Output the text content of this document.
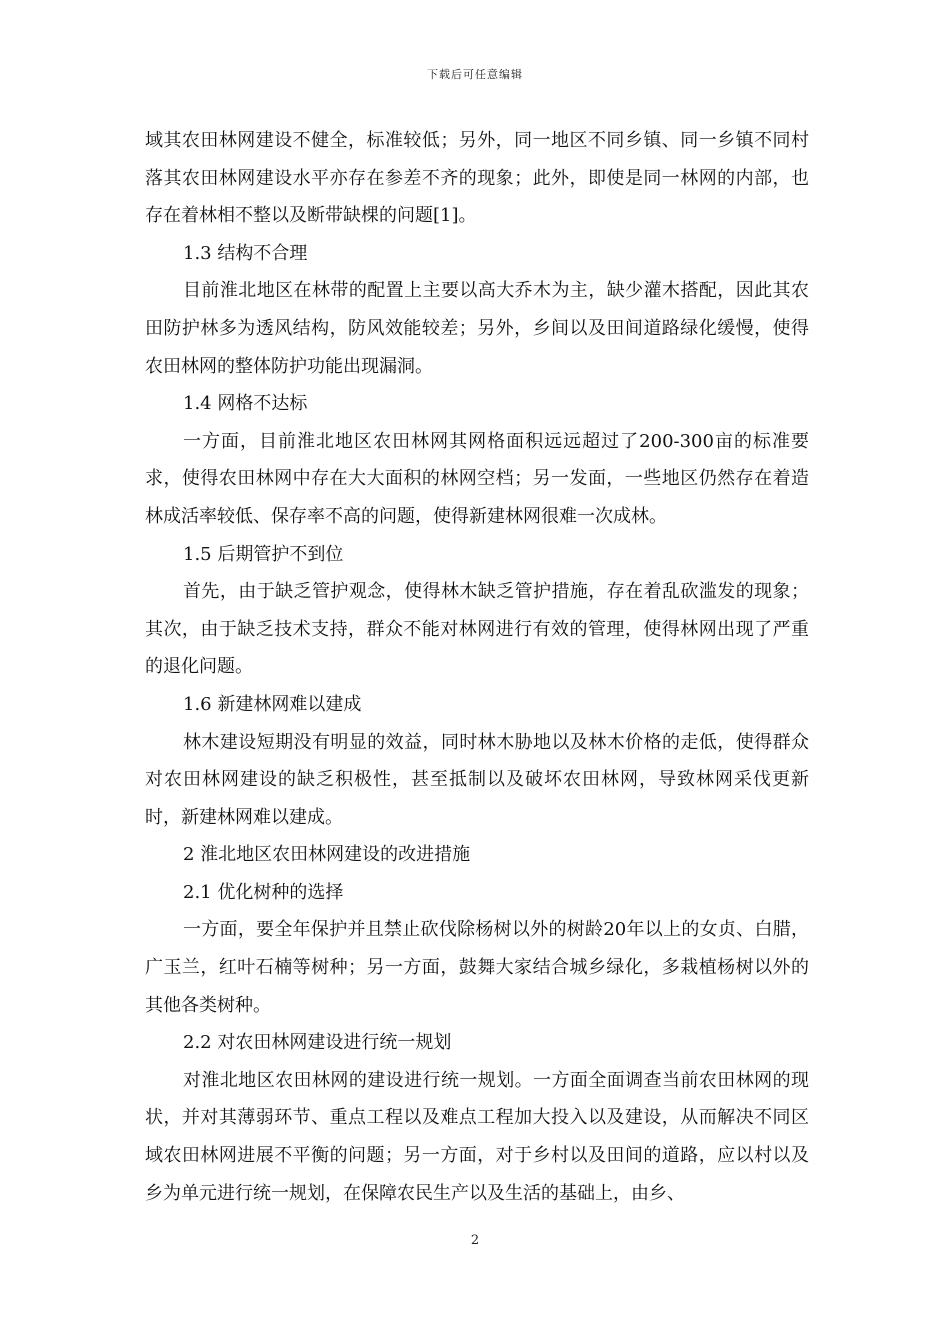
下载后可任意编辑

域其农田林网建设不健全，标准较低；另外，同一地区不同乡镇、同一乡镇不同村落其农田林网建设水平亦存在参差不齐的现象；此外，即使是同一林网的内部，也存在着林相不整以及断带缺棵的问题[1]。

1.3 结构不合理

目前淮北地区在林带的配置上主要以高大乔木为主，缺少灌木搭配，因此其农田防护林多为透风结构，防风效能较差；另外，乡间以及田间道路绿化缓慢，使得农田林网的整体防护功能出现漏洞。

1.4 网格不达标

一方面，目前淮北地区农田林网其网格面积远远超过了200-300亩的标准要求，使得农田林网中存在大大面积的林网空档；另一发面，一些地区仍然存在着造林成活率较低、保存率不高的问题，使得新建林网很难一次成林。

1.5 后期管护不到位

首先，由于缺乏管护观念，使得林木缺乏管护措施，存在着乱砍滥发的现象；其次，由于缺乏技术支持，群众不能对林网进行有效的管理，使得林网出现了严重的退化问题。

1.6 新建林网难以建成

林木建设短期没有明显的效益，同时林木胁地以及林木价格的走低，使得群众对农田林网建设的缺乏积极性，甚至抵制以及破坏农田林网，导致林网采伐更新时，新建林网难以建成。

2 淮北地区农田林网建设的改进措施

2.1 优化树种的选择

一方面，要全年保护并且禁止砍伐除杨树以外的树龄20年以上的女贞、白腊，广玉兰，红叶石楠等树种；另一方面，鼓舞大家结合城乡绿化，多栽植杨树以外的其他各类树种。

2.2 对农田林网建设进行统一规划

对淮北地区农田林网的建设进行统一规划。一方面全面调查当前农田林网的现状，并对其薄弱环节、重点工程以及难点工程加大投入以及建设，从而解决不同区域农田林网进展不平衡的问题；另一方面，对于乡村以及田间的道路，应以村以及乡为单元进行统一规划，在保障农民生产以及生活的基础上，由乡、

2
